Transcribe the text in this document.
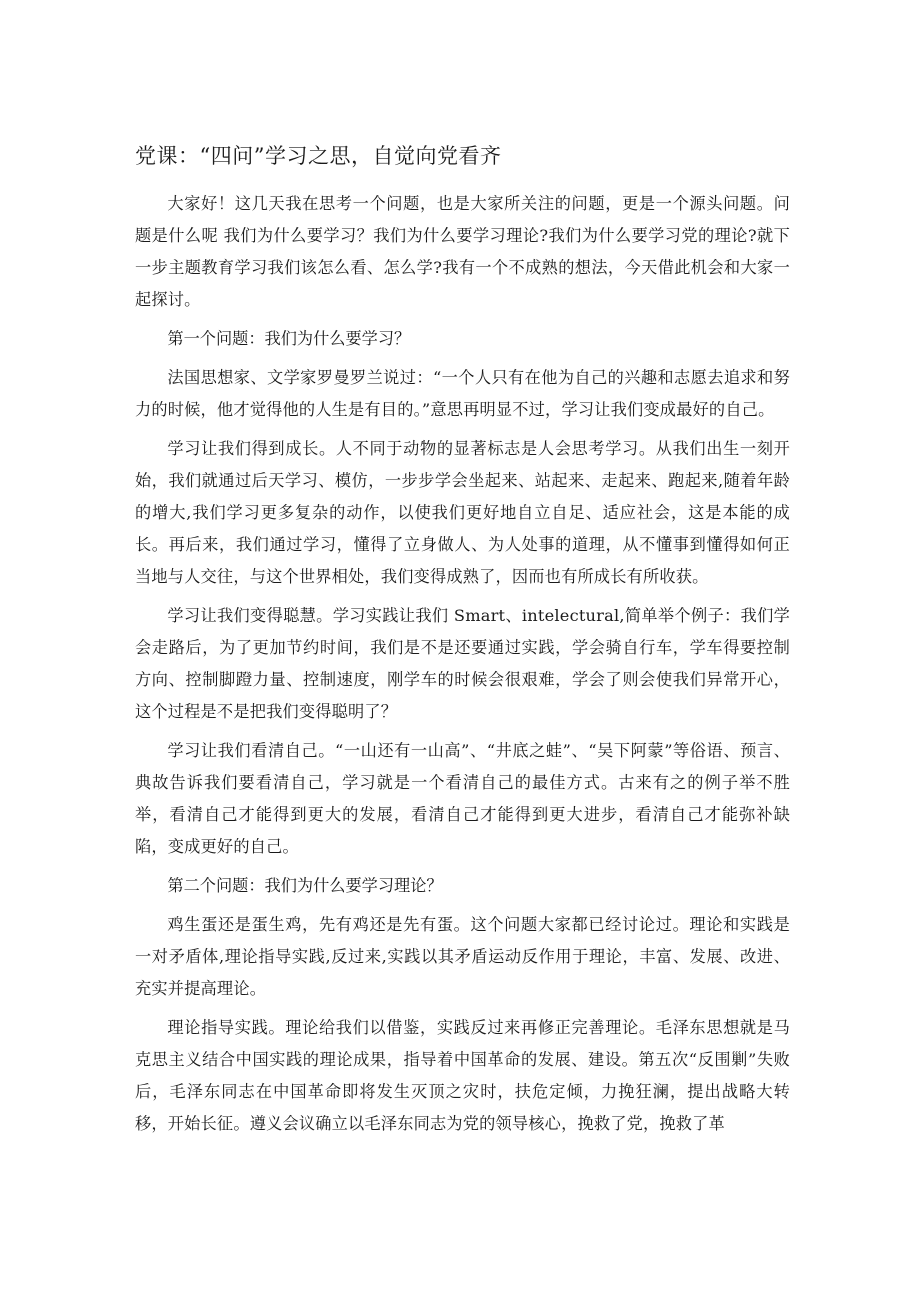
党课：“四问”学习之思，自觉向党看齐

大家好！这几天我在思考一个问题，也是大家所关注的问题，更是一个源头问题。问题是什么呢 我们为什么要学习？我们为什么要学习理论?我们为什么要学习党的理论?就下一步主题教育学习我们该怎么看、怎么学?我有一个不成熟的想法，今天借此机会和大家一起探讨。

第一个问题：我们为什么要学习？

法国思想家、文学家罗曼罗兰说过：“一个人只有在他为自己的兴趣和志愿去追求和努力的时候，他才觉得他的人生是有目的。”意思再明显不过，学习让我们变成最好的自己。

学习让我们得到成长。人不同于动物的显著标志是人会思考学习。从我们出生一刻开始，我们就通过后天学习、模仿，一步步学会坐起来、站起来、走起来、跑起来,随着年龄的增大,我们学习更多复杂的动作，以使我们更好地自立自足、适应社会，这是本能的成长。再后来，我们通过学习，懂得了立身做人、为人处事的道理，从不懂事到懂得如何正当地与人交往，与这个世界相处，我们变得成熟了，因而也有所成长有所收获。

学习让我们变得聪慧。学习实践让我们 Smart、intelectural,简单举个例子：我们学会走路后，为了更加节约时间，我们是不是还要通过实践，学会骑自行车，学车得要控制方向、控制脚蹬力量、控制速度，刚学车的时候会很艰难，学会了则会使我们异常开心，这个过程是不是把我们变得聪明了？

学习让我们看清自己。“一山还有一山高”、“井底之蛙”、“吴下阿蒙”等俗语、预言、典故告诉我们要看清自己，学习就是一个看清自己的最佳方式。古来有之的例子举不胜举，看清自己才能得到更大的发展，看清自己才能得到更大进步，看清自己才能弥补缺陷，变成更好的自己。

第二个问题：我们为什么要学习理论？

鸡生蛋还是蛋生鸡，先有鸡还是先有蛋。这个问题大家都已经讨论过。理论和实践是一对矛盾体,理论指导实践,反过来,实践以其矛盾运动反作用于理论，丰富、发展、改进、充实并提高理论。

理论指导实践。理论给我们以借鉴，实践反过来再修正完善理论。毛泽东思想就是马克思主义结合中国实践的理论成果，指导着中国革命的发展、建设。第五次“反围剿”失败后，毛泽东同志在中国革命即将发生灭顶之灾时，扶危定倾，力挽狂澜，提出战略大转移，开始长征。遵义会议确立以毛泽东同志为党的领导核心，挽救了党，挽救了革
